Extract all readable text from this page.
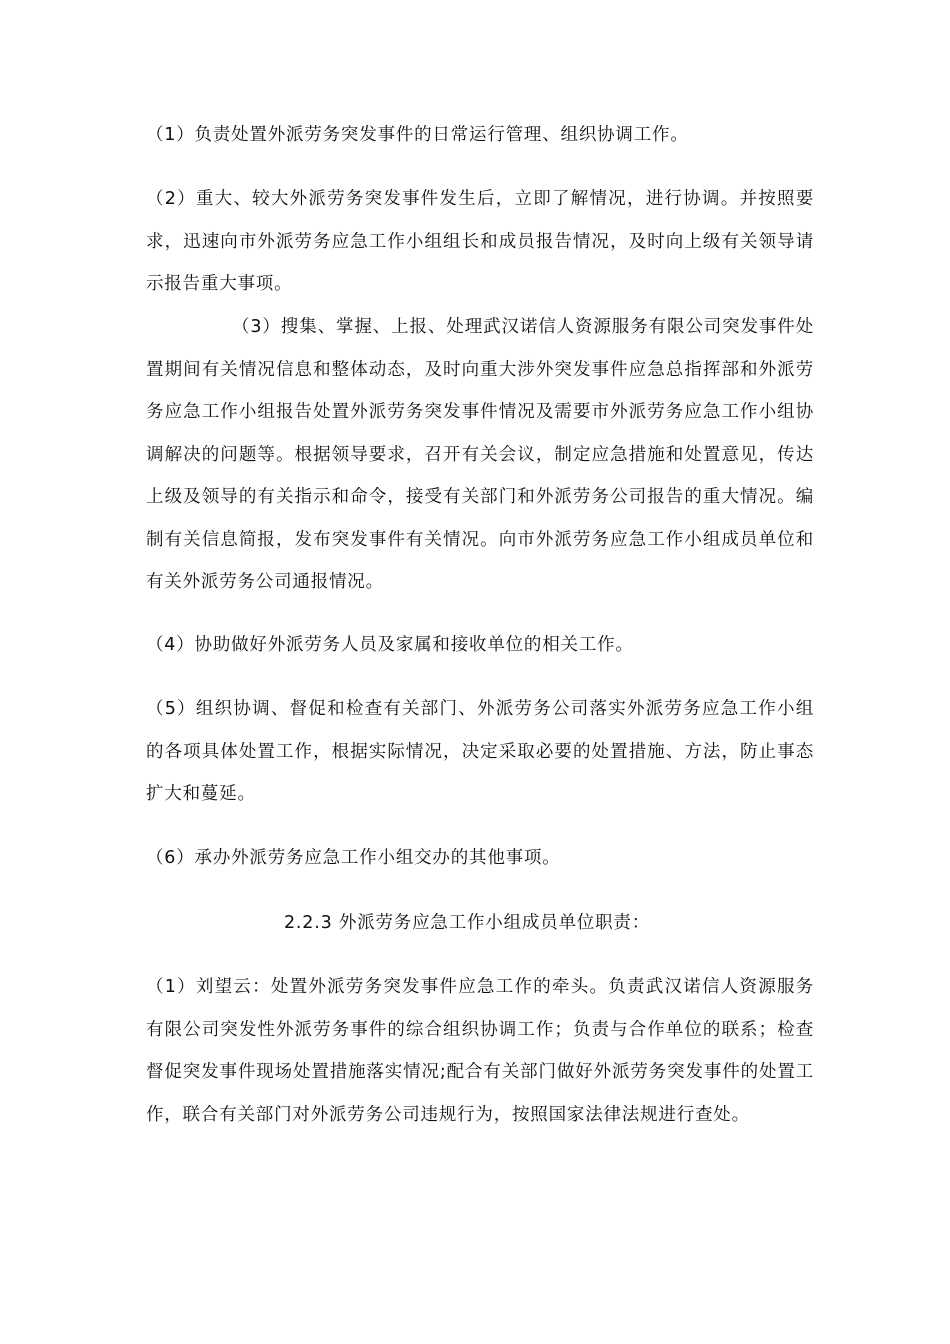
（1）负责处置外派劳务突发事件的日常运行管理、组织协调工作。

（2）重大、较大外派劳务突发事件发生后，立即了解情况，进行协调。并按照要求，迅速向市外派劳务应急工作小组组长和成员报告情况，及时向上级有关领导请示报告重大事项。

（3）搜集、掌握、上报、处理武汉诺信人资源服务有限公司突发事件处置期间有关情况信息和整体动态，及时向重大涉外突发事件应急总指挥部和外派劳务应急工作小组报告处置外派劳务突发事件情况及需要市外派劳务应急工作小组协调解决的问题等。根据领导要求，召开有关会议，制定应急措施和处置意见，传达上级及领导的有关指示和命令，接受有关部门和外派劳务公司报告的重大情况。编制有关信息简报，发布突发事件有关情况。向市外派劳务应急工作小组成员单位和有关外派劳务公司通报情况。

（4）协助做好外派劳务人员及家属和接收单位的相关工作。

（5）组织协调、督促和检查有关部门、外派劳务公司落实外派劳务应急工作小组的各项具体处置工作，根据实际情况，决定采取必要的处置措施、方法，防止事态扩大和蔓延。

（6）承办外派劳务应急工作小组交办的其他事项。

2.2.3 外派劳务应急工作小组成员单位职责：

（1）刘望云：处置外派劳务突发事件应急工作的牵头。负责武汉诺信人资源服务有限公司突发性外派劳务事件的综合组织协调工作；负责与合作单位的联系；检查督促突发事件现场处置措施落实情况;配合有关部门做好外派劳务突发事件的处置工作，联合有关部门对外派劳务公司违规行为，按照国家法律法规进行查处。
